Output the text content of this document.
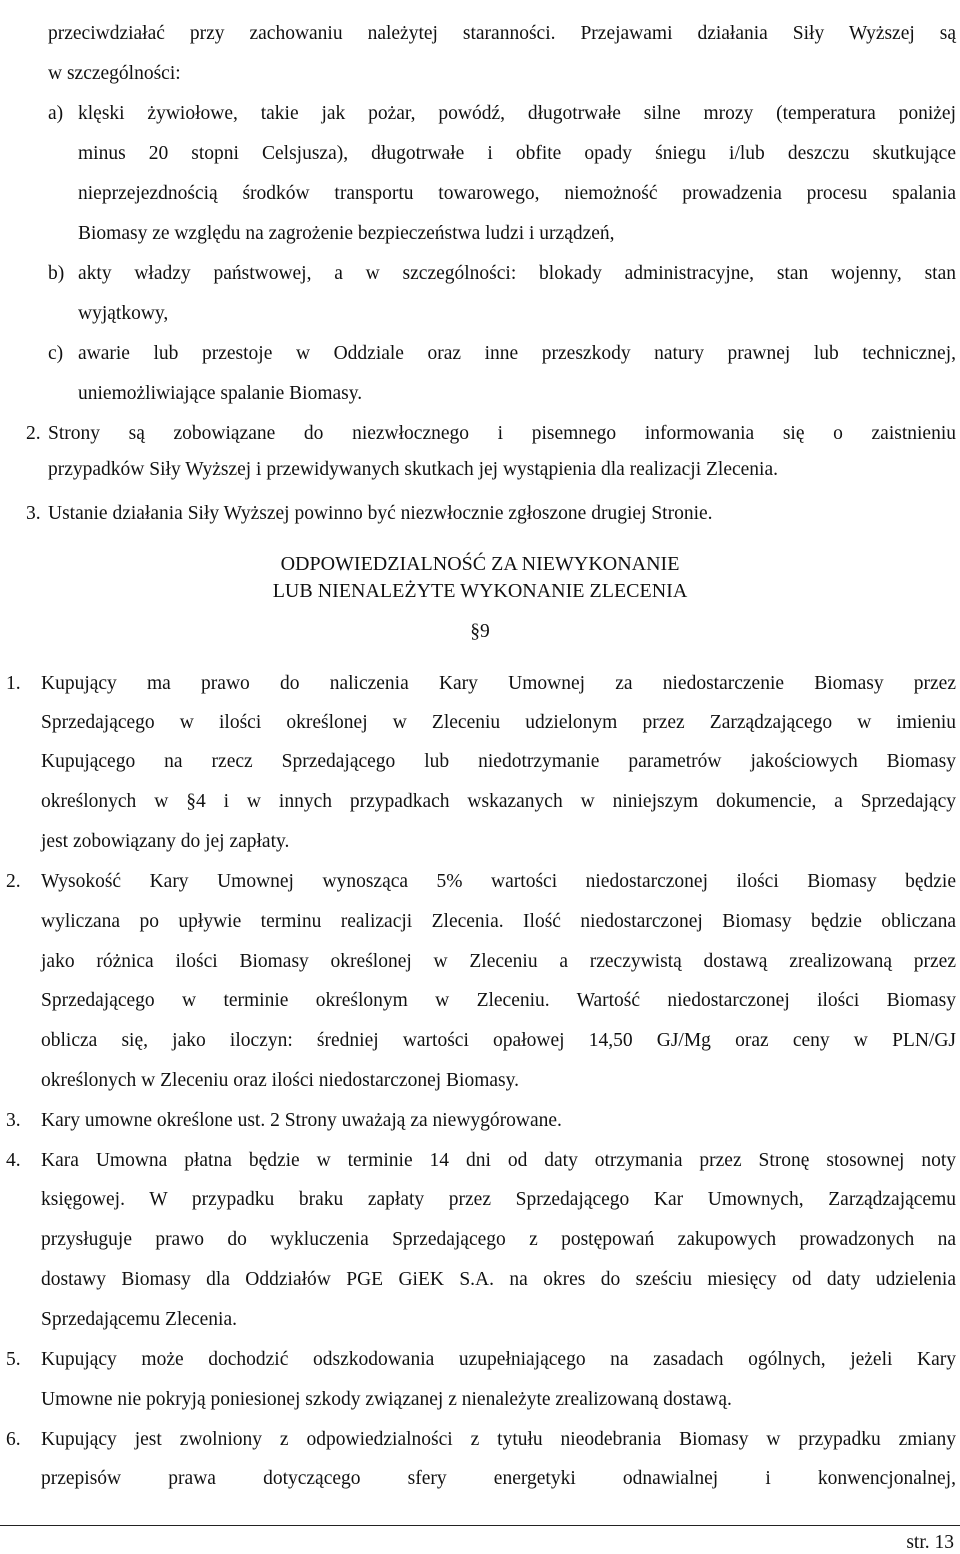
przeciwdziałać przy zachowaniu należytej staranności. Przejawami działania Siły Wyższej są
w szczególności:
a) klęski żywiołowe, takie jak pożar, powódź, długotrwałe silne mrozy (temperatura poniżej
minus 20 stopni Celsjusza), długotrwałe i obfite opady śniegu i/lub deszczu skutkujące
nieprzejezdnością środków transportu towarowego, niemożność prowadzenia procesu spalania
Biomasy ze względu na zagrożenie bezpieczeństwa ludzi i urządzeń,
b) akty władzy państwowej, a w szczególności: blokady administracyjne, stan wojenny, stan
wyjątkowy,
c) awarie lub przestoje w Oddziale oraz inne przeszkody natury prawnej lub technicznej,
uniemożliwiające spalanie Biomasy.
2. Strony są zobowiązane do niezwłocznego i pisemnego informowania się o zaistnieniu
przypadków Siły Wyższej i przewidywanych skutkach jej wystąpienia dla realizacji Zlecenia.
3. Ustanie działania Siły Wyższej powinno być niezwłocznie zgłoszone drugiej Stronie.
ODPOWIEDZIALNOŚĆ ZA NIEWYKONANIE
LUB NIENALEŻYTE WYKONANIE ZLECENIA
§9
1. Kupujący ma prawo do naliczenia Kary Umownej za niedostarczenie Biomasy przez
Sprzedającego w ilości określonej w Zleceniu udzielonym przez Zarządzającego w imieniu
Kupującego na rzecz Sprzedającego lub niedotrzymanie parametrów jakościowych Biomasy
określonych w §4 i w innych przypadkach wskazanych w niniejszym dokumencie, a Sprzedający
jest zobowiązany do jej zapłaty.
2. Wysokość Kary Umownej wynosząca 5% wartości niedostarczonej ilości Biomasy będzie
wyliczana po upływie terminu realizacji Zlecenia. Ilość niedostarczonej Biomasy będzie obliczana
jako różnica ilości Biomasy określonej w Zleceniu a rzeczywistą dostawą zrealizowaną przez
Sprzedającego w terminie określonym w Zleceniu. Wartość niedostarczonej ilości Biomasy
oblicza się, jako iloczyn: średniej wartości opałowej 14,50 GJ/Mg oraz ceny w PLN/GJ
określonych w Zleceniu oraz ilości niedostarczonej Biomasy.
3. Kary umowne określone ust. 2 Strony uważają za niewygórowane.
4. Kara Umowna płatna będzie w terminie 14 dni od daty otrzymania przez Stronę stosownej noty
księgowej. W przypadku braku zapłaty przez Sprzedającego Kar Umownych, Zarządzającemu
przysługuje prawo do wykluczenia Sprzedającego z postępowań zakupowych prowadzonych na
dostawy Biomasy dla Oddziałów PGE GiEK S.A. na okres do sześciu miesięcy od daty udzielenia
Sprzedającemu Zlecenia.
5. Kupujący może dochodzić odszkodowania uzupełniającego na zasadach ogólnych, jeżeli Kary
Umowne nie pokryją poniesionej szkody związanej z nienależyte zrealizowaną dostawą.
6. Kupujący jest zwolniony z odpowiedzialności z tytułu nieodebrania Biomasy w przypadku zmiany
przepisów prawa dotyczącego sfery energetyki odnawialnej i konwencjonalnej,
str. 13
